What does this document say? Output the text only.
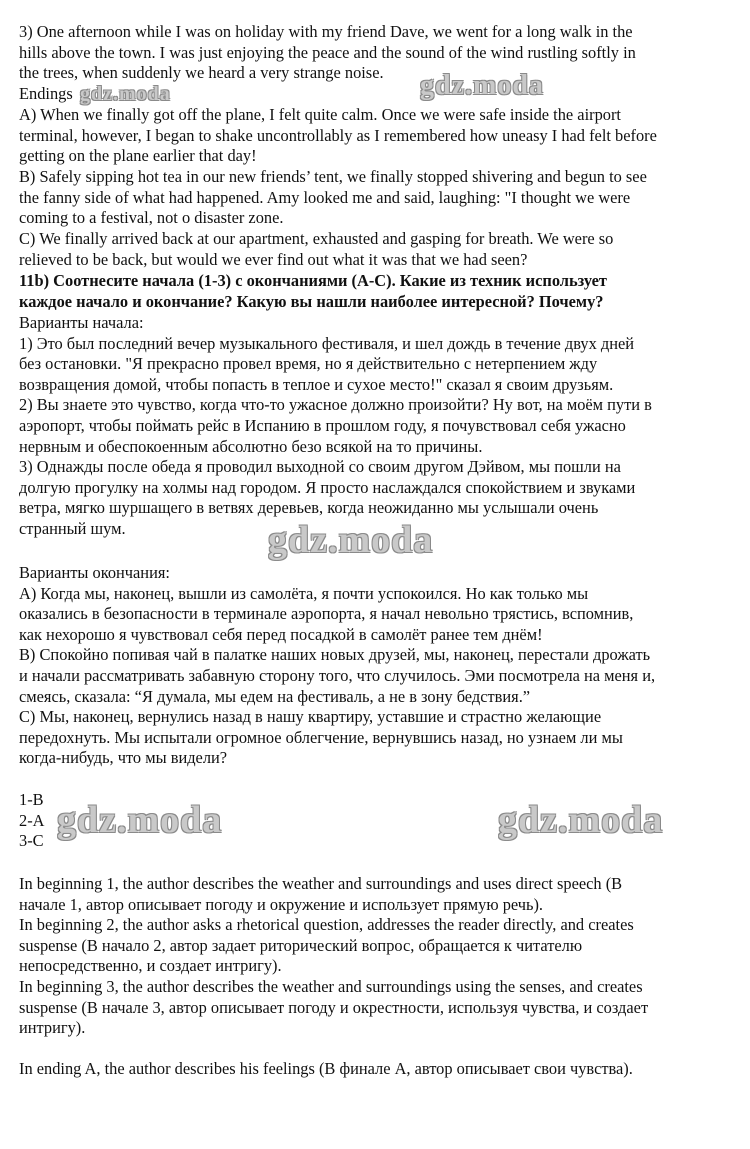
3) One afternoon while I was on holiday with my friend Dave, we went for a long walk in the
hills above the town. I was just enjoying the peace and the sound of the wind rustling softly in
the trees, when suddenly we heard a very strange noise.
Endings
A) When we finally got off the plane, I felt quite calm. Once we were safe inside the airport
terminal, however, I began to shake uncontrollably as I remembered how uneasy I had felt before
getting on the plane earlier that day!
B) Safely sipping hot tea in our new friends’ tent, we finally stopped shivering and begun to see
the fanny side of what had happened. Amy looked me and said, laughing: "I thought we were
coming to a festival, not o disaster zone.
C) We finally arrived back at our apartment, exhausted and gasping for breath. We were so
relieved to be back, but would we ever find out what it was that we had seen?
11b) Соотнесите начала (1-3) с окончаниями (А-С). Какие из техник использует
каждое начало и окончание? Какую вы нашли наиболее интересной? Почему?
Варианты начала:
1) Это был последний вечер музыкального фестиваля, и шел дождь в течение двух дней
без остановки. "Я прекрасно провел время, но я действительно с нетерпением жду
возвращения домой, чтобы попасть в теплое и сухое место!" сказал я своим друзьям.
2) Вы знаете это чувство, когда что-то ужасное должно произойти? Ну вот, на моём пути в
аэропорт, чтобы поймать рейс в Испанию в прошлом году, я почувствовал себя ужасно
нервным и обеспокоенным абсолютно безо всякой на то причины.
3) Однажды после обеда я проводил выходной со своим другом Дэйвом, мы пошли на
долгую прогулку на холмы над городом. Я просто наслаждался спокойствием и звуками
ветра, мягко шуршащего в ветвях деревьев, когда неожиданно мы услышали очень
странный шум.
Варианты окончания:
А) Когда мы, наконец, вышли из самолёта, я почти успокоился. Но как только мы
оказались в безопасности в терминале аэропорта, я начал невольно трястись, вспомнив,
как нехорошо я чувствовал себя перед посадкой в самолёт ранее тем днём!
В) Спокойно попивая чай в палатке наших новых друзей, мы, наконец, перестали дрожать
и начали рассматривать забавную сторону того, что случилось. Эми посмотрела на меня и,
смеясь, сказала: “Я думала, мы едем на фестиваль, а не в зону бедствия.”
С) Мы, наконец, вернулись назад в нашу квартиру, уставшие и страстно желающие
передохнуть. Мы испытали огромное облегчение, вернувшись назад, но узнаем ли мы
когда-нибудь, что мы видели?
1-B
2-A
3-C
In beginning 1, the author describes the weather and surroundings and uses direct speech (В
начале 1, автор описывает погоду и окружение и использует прямую речь).
In beginning 2, the author asks a rhetorical question, addresses the reader directly, and creates
suspense (В начало 2, автор задает риторический вопрос, обращается к читателю
непосредственно, и создает интригу).
In beginning 3, the author describes the weather and surroundings using the senses, and creates
suspense (В начале 3, автор описывает погоду и окрестности, используя чувства, и создает
интригу).
In ending A, the author describes his feelings (В финале А, автор описывает свои чувства).
gdz.moda	gdz.moda
gdz.moda
gdz.moda	gdz.moda
